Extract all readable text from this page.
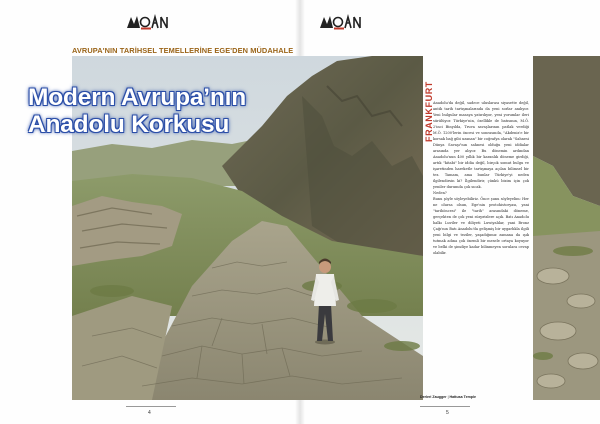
AVRUPA'NIN TARİHSEL TEMELLERİNE EGE'DEN MÜDAHALE
Modern Avrupa’nın
Anadolu Korkusu	FRANKFURT Anadolu'da değil, sadece uluslarası siyasette değil, antik tarih tartışmalarında da yeni sorlar anılıyor. Yeni bulgular masaya yatırılıyor, yeni yorumlar ileri sürülüyor. Türkiye'nin, özellikle de batısının, M.Ö. 2'inci Binyılda, Truva savaşlarının patlak verdiği M.Ö. 1200'lerin öncesi ve sonrasında, "Akdeniz'e bir korsak bağ gibi uzanan" bir coğrafya olarak "Sahnesi Dünya Savaşı"nın sahnesi olduğu yeni iddialar arasında yer alıyor. Bu dönemin ardından Anadolu'nun 400 yıllık bir karanlık döneme girdiği, artık "kitabi" bir iddia değil, birçok somut bulgu ve işaretinden hareketle tartışmaya açılan bilimsel bir tez. Tamam, ama bunlar Türkiye'yi neden ilgilendirsin ki? İlgilendirir, çünkü bizim için çok yeniler durumda çok sıcak.

Neden?

Bunu şöyle söyleyebiliriz. Önce şunu söyleyelim: Her ne olursa olsun, Ege'nin protohistoryası, yani "tarihöncesi" ile "tarih" arasındaki döneme, gerçekten de çok yeni sürprizlere açık. Batı Anadolu halkı Luviler ve diliyeti Luwiyalılar, yani Bronz Çağı'nın Batı Anadolu'da gelişmiş bir uygarlıkla ilgili yeni bilgi ve teziler, yaşadığımız zamana da ışık tutmak adına çok önemli bir mesele ortaya koyuyor ve belki de şimdiye kadar bilinmeyen sorulara cevap olabilir.

Derleri Zaugger | Hattusa Temple
4	5
